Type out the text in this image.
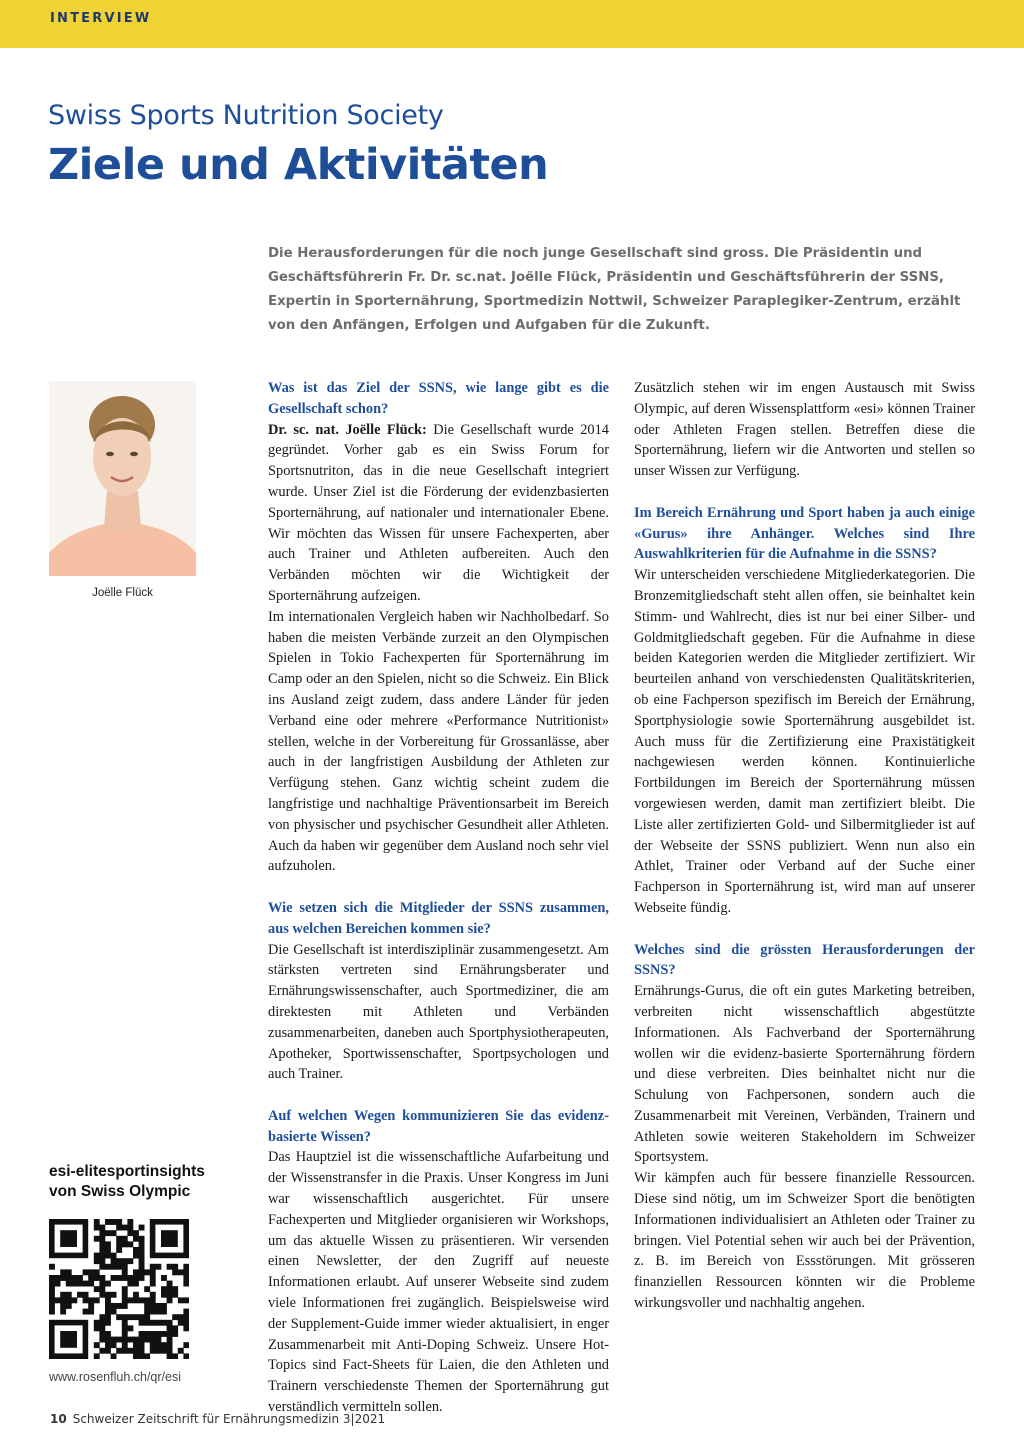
INTERVIEW
Swiss Sports Nutrition Society
Ziele und Aktivitäten

Die Herausforderungen für die noch junge Gesellschaft sind gross. Die Präsidentin und Geschäftsführerin Fr. Dr. sc.nat. Joëlle Flück, Präsidentin und Geschäftsführerin der SSNS, Expertin in Sporternährung, Sportmedizin Nottwil, Schweizer Paraplegiker-Zentrum, erzählt von den Anfängen, Erfolgen und Aufgaben für die Zukunft.

Joëlle Flück
esi-elitesportinsights
von Swiss Olympic
www.rosenfluh.ch/qr/esi
Was ist das Ziel der SSNS, wie lange gibt es die Gesellschaft schon?

Dr. sc. nat. Joëlle Flück: Die Gesellschaft wurde 2014 gegründet. Vorher gab es ein Swiss Forum for Sportsnutriton, das in die neue Gesellschaft integriert wurde. Unser Ziel ist die Förderung der evidenzbasierten Sporternährung, auf nationaler und internationaler Ebene. Wir möchten das Wissen für unsere Fachexperten, aber auch Trainer und Athleten aufbereiten. Auch den Verbänden möchten wir die Wichtigkeit der Sporternährung aufzeigen.

Im internationalen Vergleich haben wir Nachholbedarf. So haben die meisten Verbände zurzeit an den Olympischen Spielen in Tokio Fachexperten für Sporternährung im Camp oder an den Spielen, nicht so die Schweiz. Ein Blick ins Ausland zeigt zudem, dass andere Länder für jeden Verband eine oder mehrere «Performance Nutritionist» stellen, welche in der Vorbereitung für Grossanlässe, aber auch in der langfristigen Ausbildung der Athleten zur Verfügung stehen. Ganz wichtig scheint zudem die langfristige und nachhaltige Präventionsarbeit im Bereich von physischer und psychischer Gesundheit aller Athleten. Auch da haben wir gegenüber dem Ausland noch sehr viel aufzuholen.

Wie setzen sich die Mitglieder der SSNS zusammen, aus welchen Bereichen kommen sie?

Die Gesellschaft ist interdisziplinär zusammengesetzt. Am stärksten vertreten sind Ernährungsberater und Ernährungswissenschafter, auch Sportmediziner, die am direktesten mit Athleten und Verbänden zusammenarbeiten, daneben auch Sportphysiotherapeuten, Apotheker, Sportwissenschafter, Sportpsychologen und auch Trainer.

Auf welchen Wegen kommunizieren Sie das evidenz-basierte Wissen?

Das Hauptziel ist die wissenschaftliche Aufarbeitung und der Wissenstransfer in die Praxis. Unser Kongress im Juni war wissenschaftlich ausgerichtet. Für unsere Fachexperten und Mitglieder organisieren wir Workshops, um das aktuelle Wissen zu präsentieren. Wir versenden einen Newsletter, der den Zugriff auf neueste Informationen erlaubt. Auf unserer Webseite sind zudem viele Informationen frei zugänglich. Beispielsweise wird der Supplement-Guide immer wieder aktualisiert, in enger Zusammenarbeit mit Anti-Doping Schweiz. Unsere Hot-Topics sind Fact-Sheets für Laien, die den Athleten und Trainern verschiedenste Themen der Sporternährung gut verständlich vermitteln sollen.

Zusätzlich stehen wir im engen Austausch mit Swiss Olympic, auf deren Wissensplattform «esi» können Trainer oder Athleten Fragen stellen. Betreffen diese die Sporternährung, liefern wir die Antworten und stellen so unser Wissen zur Verfügung.

Im Bereich Ernährung und Sport haben ja auch einige «Gurus» ihre Anhänger. Welches sind Ihre Auswahlkriterien für die Aufnahme in die SSNS?

Wir unterscheiden verschiedene Mitgliederkategorien. Die Bronzemitgliedschaft steht allen offen, sie beinhaltet kein Stimm- und Wahlrecht, dies ist nur bei einer Silber- und Goldmitgliedschaft gegeben. Für die Aufnahme in diese beiden Kategorien werden die Mitglieder zertifiziert. Wir beurteilen anhand von verschiedensten Qualitätskriterien, ob eine Fachperson spezifisch im Bereich der Ernährung, Sportphysiologie sowie Sporternährung ausgebildet ist. Auch muss für die Zertifizierung eine Praxistätigkeit nachgewiesen werden können. Kontinuierliche Fortbildungen im Bereich der Sporternährung müssen vorgewiesen werden, damit man zertifiziert bleibt. Die Liste aller zertifizierten Gold- und Silbermitglieder ist auf der Webseite der SSNS publiziert. Wenn nun also ein Athlet, Trainer oder Verband auf der Suche einer Fachperson in Sporternährung ist, wird man auf unserer Webseite fündig.

Welches sind die grössten Herausforderungen der SSNS?

Ernährungs-Gurus, die oft ein gutes Marketing betreiben, verbreiten nicht wissenschaftlich abgestützte Informationen. Als Fachverband der Sporternährung wollen wir die evidenz-basierte Sporternährung fördern und diese verbreiten. Dies beinhaltet nicht nur die Schulung von Fachpersonen, sondern auch die Zusammenarbeit mit Vereinen, Verbänden, Trainern und Athleten sowie weiteren Stakeholdern im Schweizer Sportsystem.

Wir kämpfen auch für bessere finanzielle Ressourcen. Diese sind nötig, um im Schweizer Sport die benötigten Informationen individualisiert an Athleten oder Trainer zu bringen. Viel Potential sehen wir auch bei der Prävention, z. B. im Bereich von Essstörungen. Mit grösseren finanziellen Ressourcen könnten wir die Probleme wirkungsvoller und nachhaltig angehen.

10 Schweizer Zeitschrift für Ernährungsmedizin 3|2021
